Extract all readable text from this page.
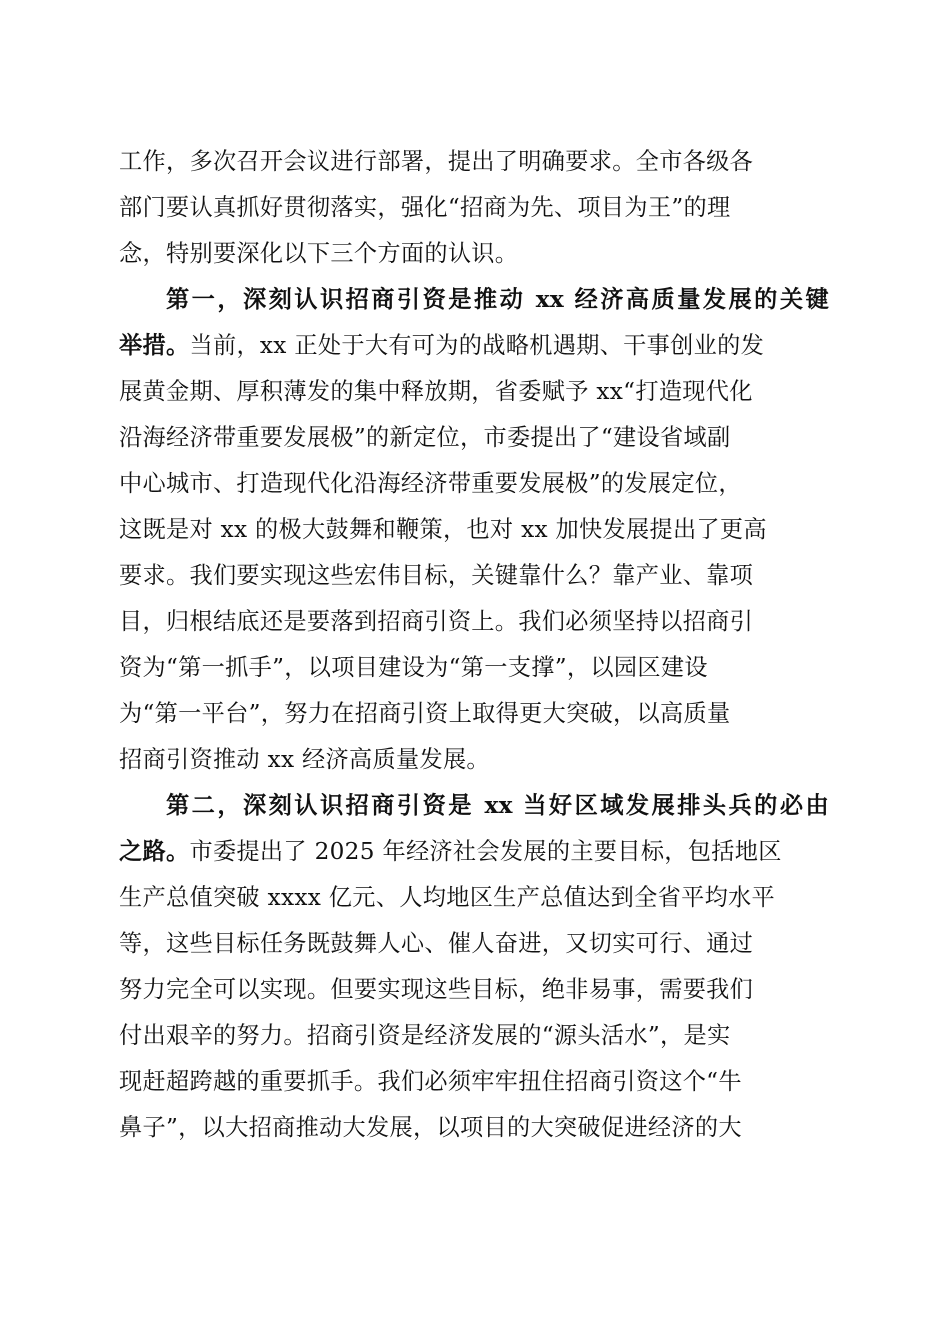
工作，多次召开会议进行部署，提出了明确要求。全市各级各
部门要认真抓好贯彻落实，强化“招商为先、项目为王”的理
念，特别要深化以下三个方面的认识。
第一，深刻认识招商引资是推动 xx 经济高质量发展的关键
举措。当前，xx 正处于大有可为的战略机遇期、干事创业的发
展黄金期、厚积薄发的集中释放期，省委赋予 xx“打造现代化
沿海经济带重要发展极”的新定位，市委提出了“建设省域副
中心城市、打造现代化沿海经济带重要发展极”的发展定位，
这既是对 xx 的极大鼓舞和鞭策，也对 xx 加快发展提出了更高
要求。我们要实现这些宏伟目标，关键靠什么？靠产业、靠项
目，归根结底还是要落到招商引资上。我们必须坚持以招商引
资为“第一抓手”，以项目建设为“第一支撑”，以园区建设
为“第一平台”，努力在招商引资上取得更大突破，以高质量
招商引资推动 xx 经济高质量发展。
第二，深刻认识招商引资是 xx 当好区域发展排头兵的必由
之路。市委提出了 2025 年经济社会发展的主要目标，包括地区
生产总值突破 xxxx 亿元、人均地区生产总值达到全省平均水平
等，这些目标任务既鼓舞人心、催人奋进，又切实可行、通过
努力完全可以实现。但要实现这些目标，绝非易事，需要我们
付出艰辛的努力。招商引资是经济发展的“源头活水”，是实
现赶超跨越的重要抓手。我们必须牢牢扭住招商引资这个“牛
鼻子”，以大招商推动大发展，以项目的大突破促进经济的大
